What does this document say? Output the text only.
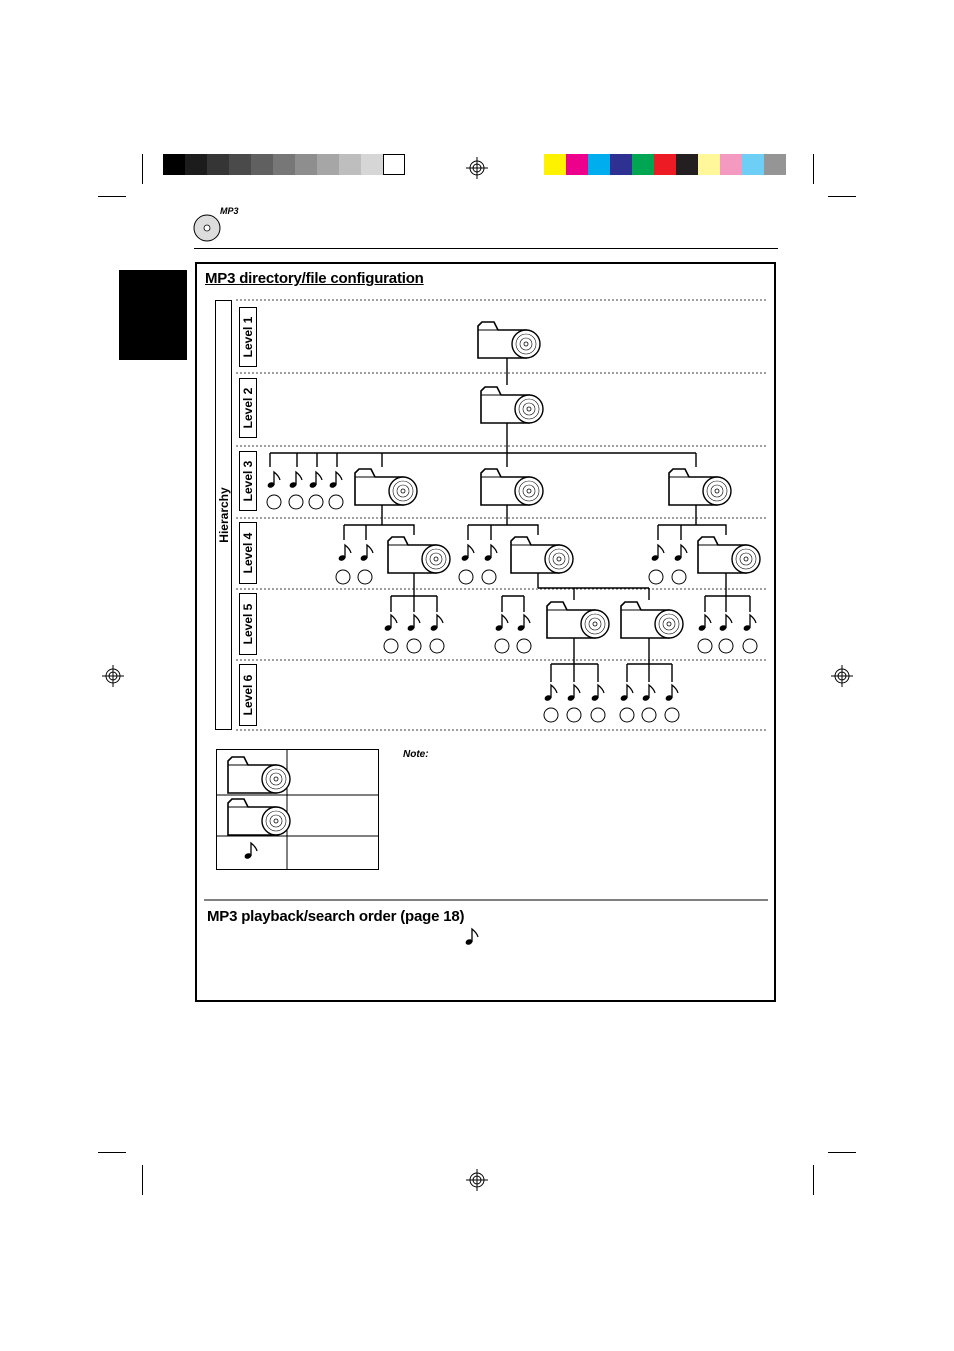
MP3
MP3 directory/file configuration
Hierarchy
Level 1
Level 2
Level 3
Level 4
Level 5
Level 6
Note:
MP3 playback/search order (page 18)
